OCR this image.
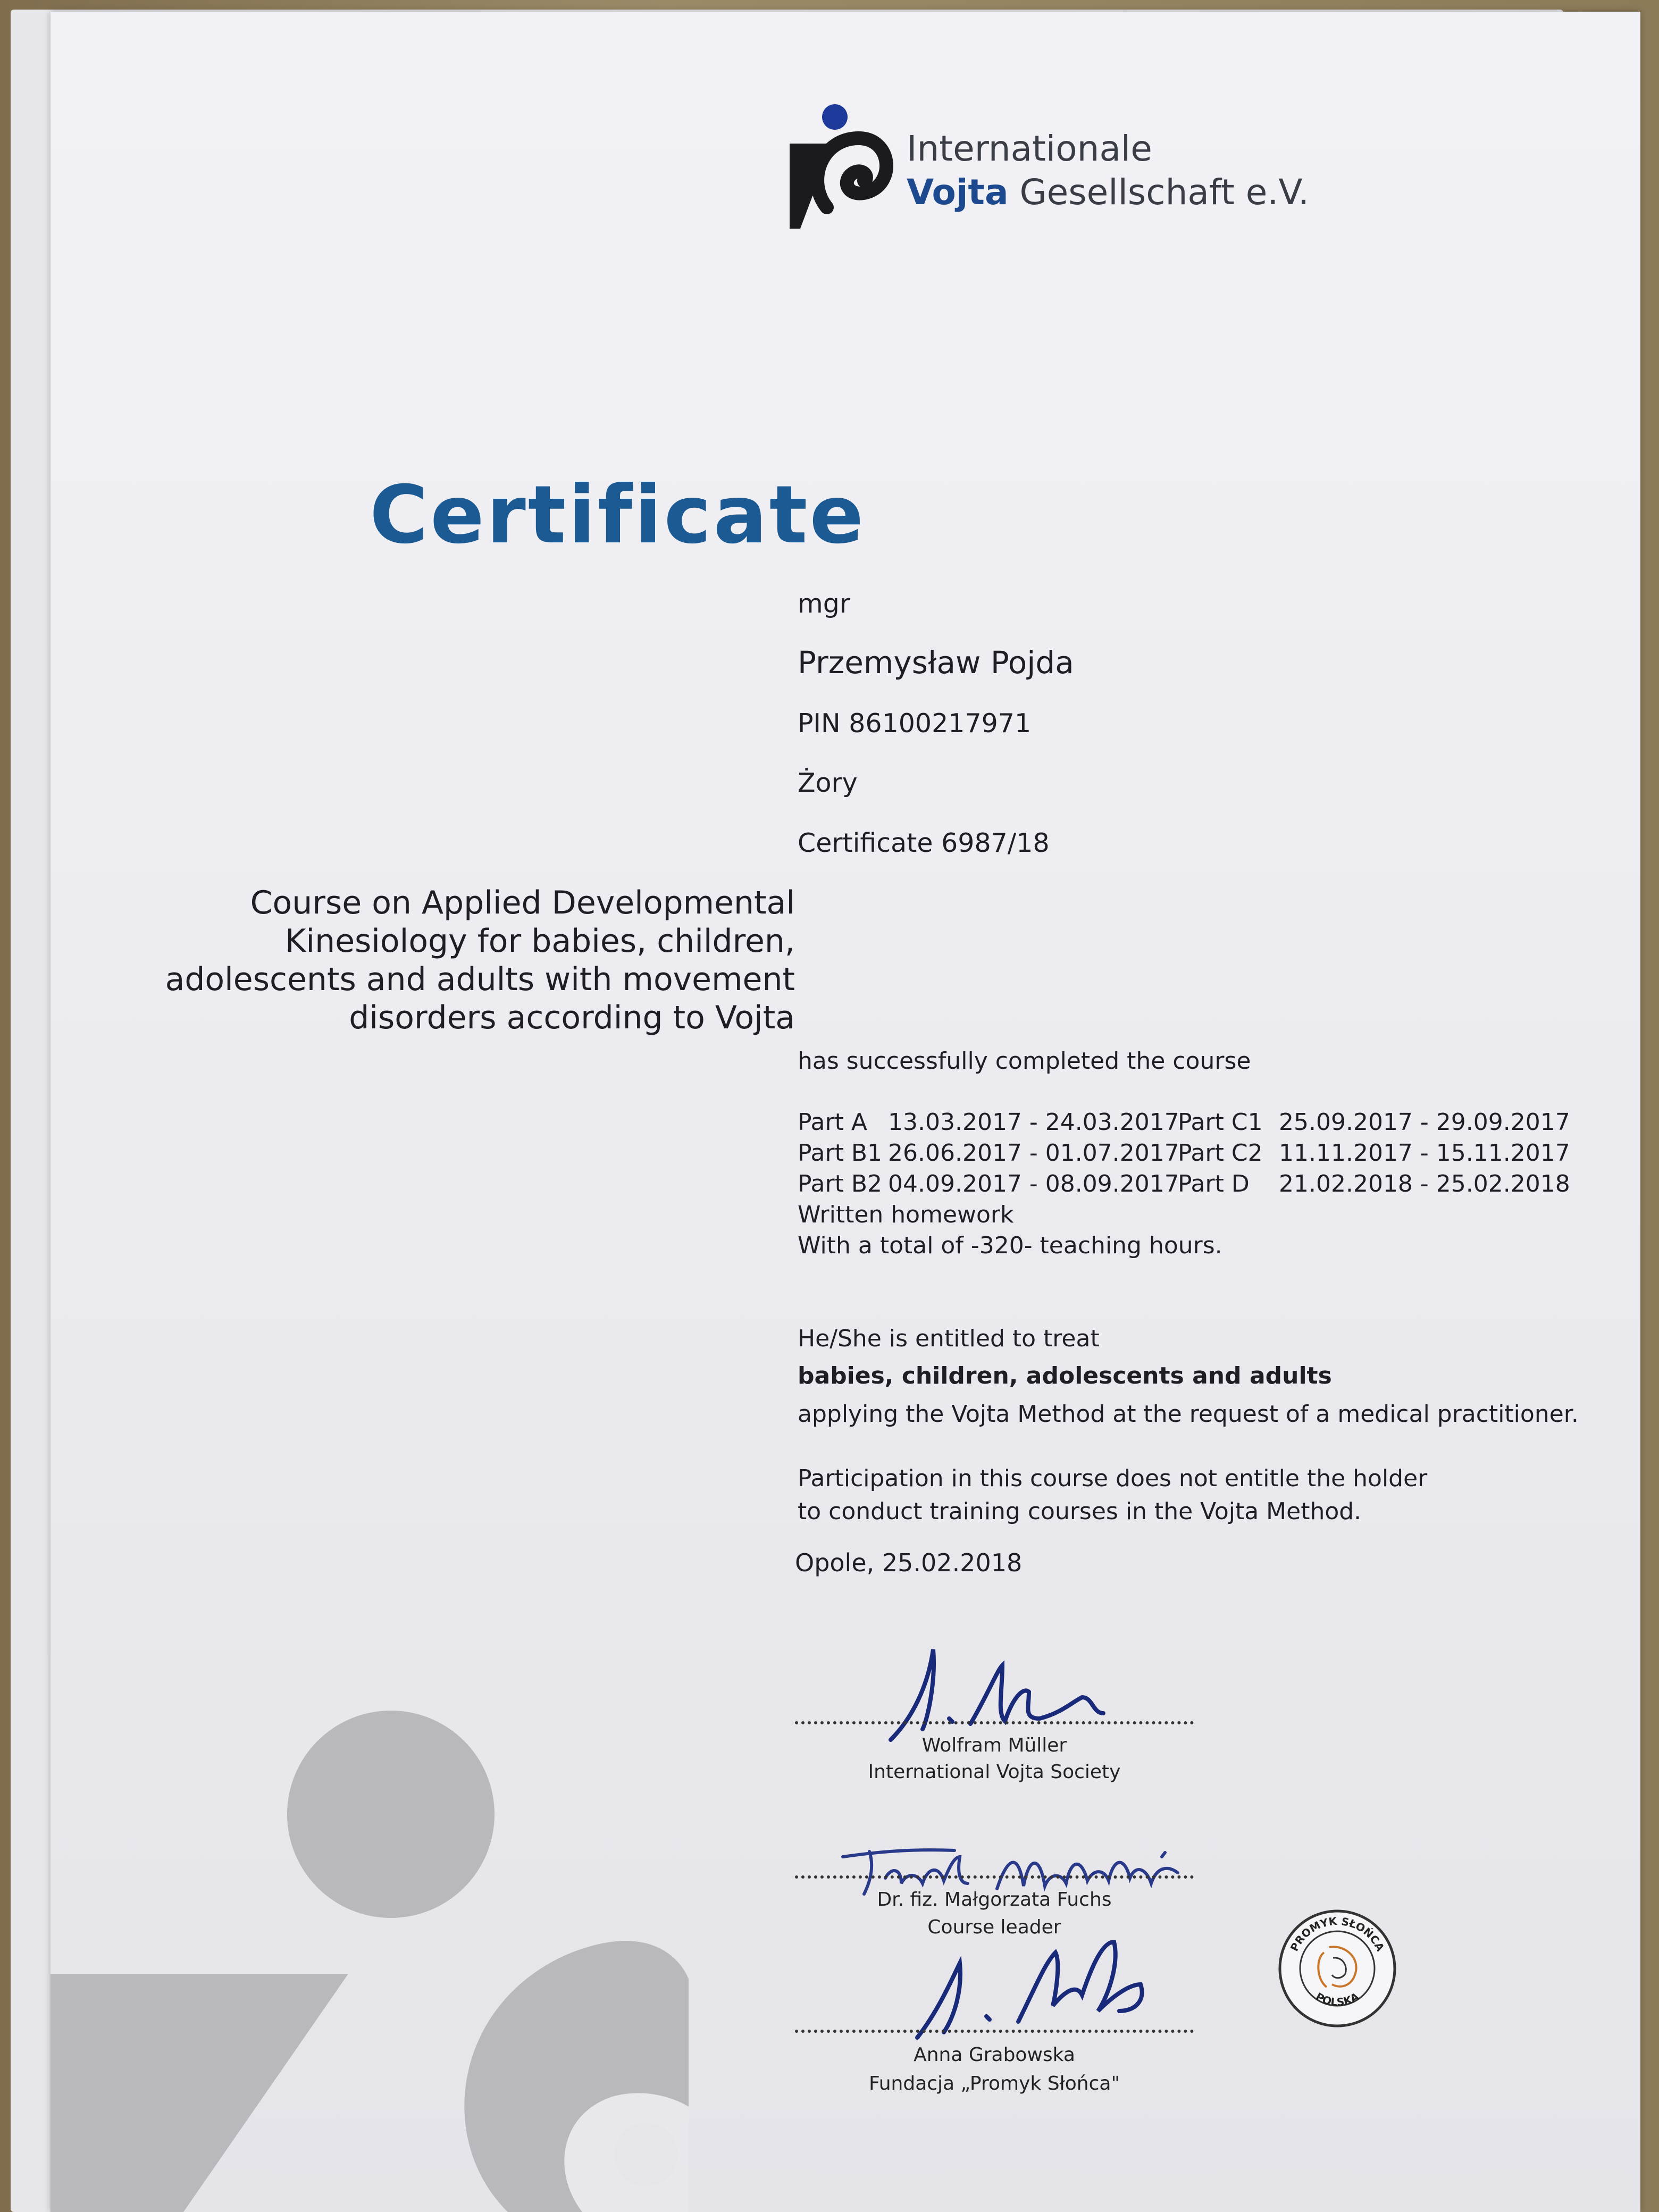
Internationale
Vojta Gesellschaft e.V.
Certificate
mgr
Przemysław Pojda
PIN 86100217971
Żory
Certificate 6987/18
Course on Applied Developmental
Kinesiology for babies, children,
adolescents and adults with movement
disorders according to Vojta
has successfully completed the course
Part A 13.03.2017 - 24.03.2017
Part B1 26.06.2017 - 01.07.2017
Part B2 04.09.2017 - 08.09.2017
Part C1 25.09.2017 - 29.09.2017
Part C2 11.11.2017 - 15.11.2017
Part D 21.02.2018 - 25.02.2018
Written homework
With a total of -320- teaching hours.
He/She is entitled to treat
babies, children, adolescents and adults
applying the Vojta Method at the request of a medical practitioner.
Participation in this course does not entitle the holder
to conduct training courses in the Vojta Method.
Opole, 25.02.2018
Wolfram Müller
International Vojta Society
Dr. fiz. Małgorzata Fuchs
Course leader
Anna Grabowska
Fundacja „Promyk Słońca"
PROMYK SŁOŃCA
POLSKA
